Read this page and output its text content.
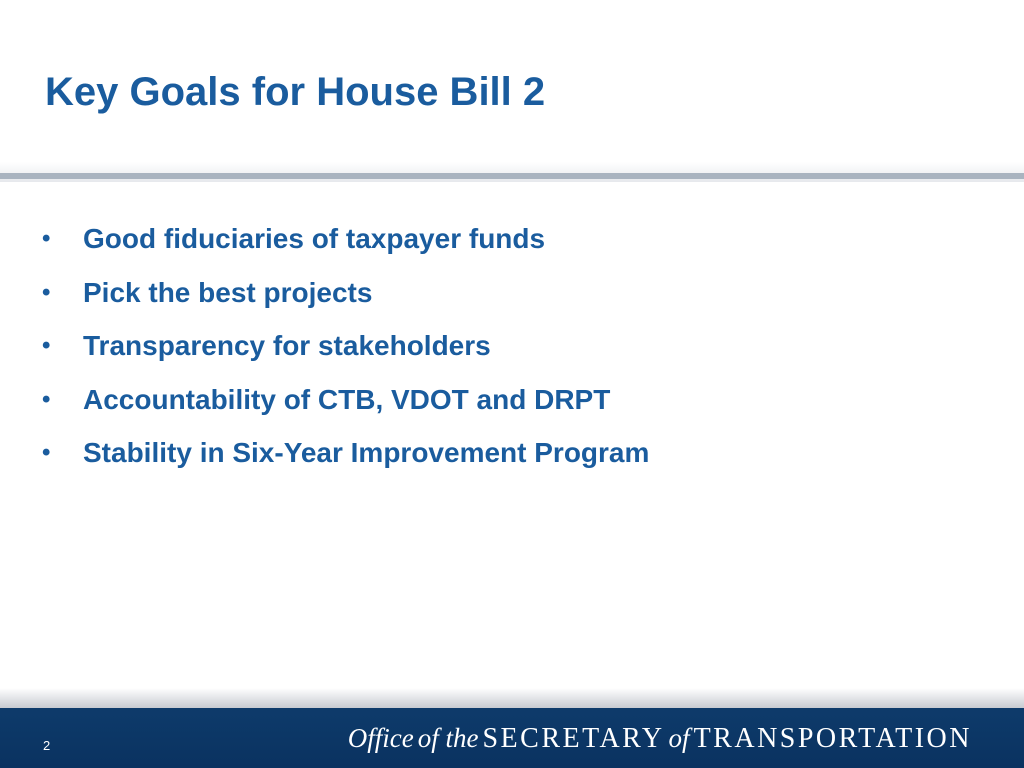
Key Goals for House Bill 2
• Good fiduciaries of taxpayer funds
• Pick the best projects
• Transparency for stakeholders
• Accountability of CTB, VDOT and DRPT
• Stability in Six-Year Improvement Program
2	Office of the SECRETARY of TRANSPORTATION
